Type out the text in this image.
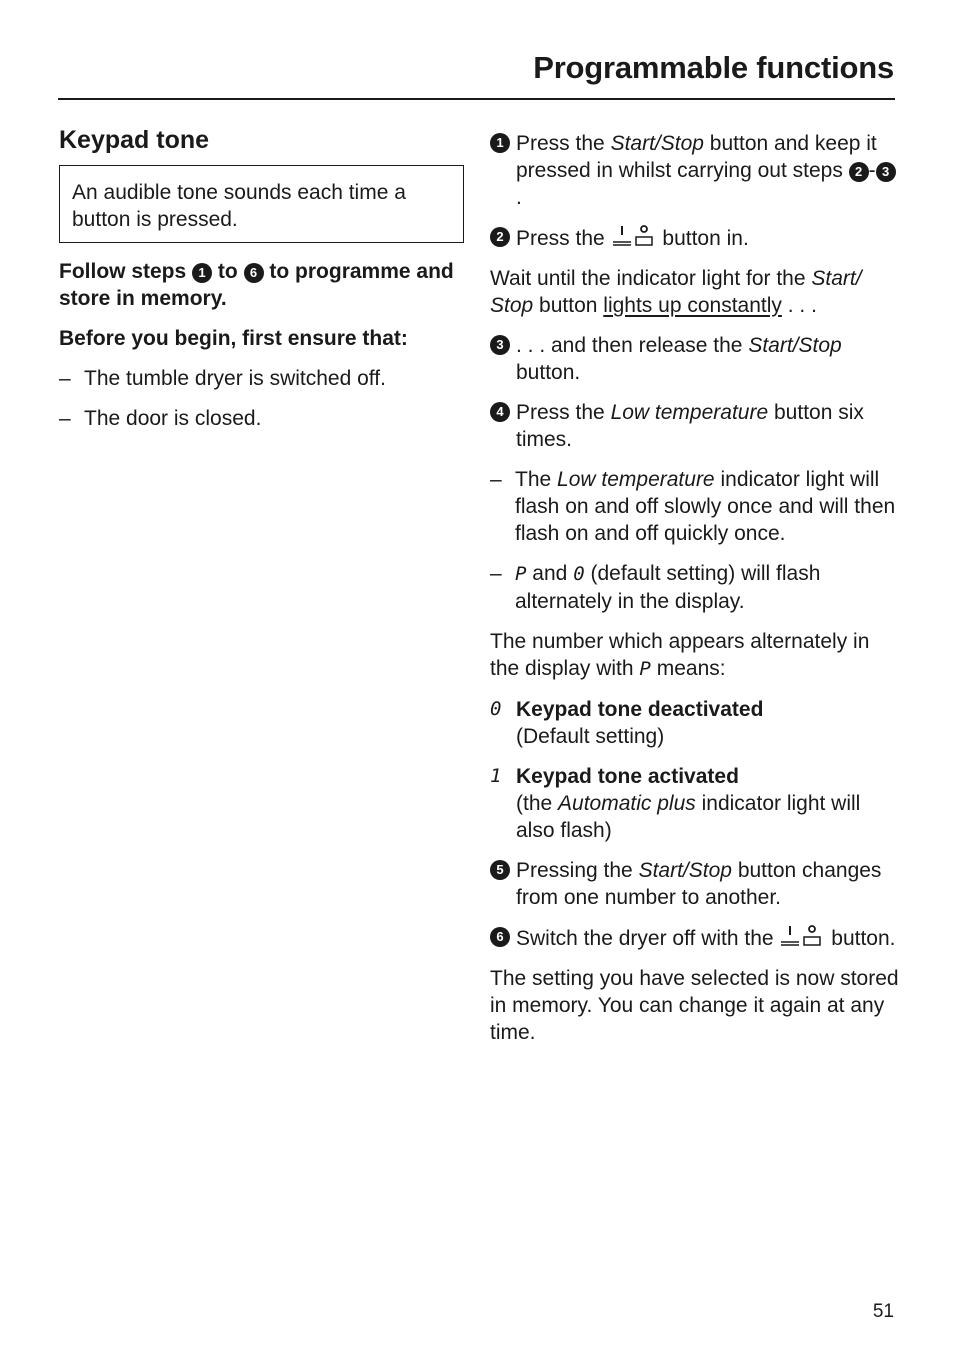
Programmable functions
Keypad tone
An audible tone sounds each time a button is pressed.

Follow steps 1 to 6 to programme and store in memory.

Before you begin, first ensure that:

– The tumble dryer is switched off.
– The door is closed.
1 Press the Start/Stop button and keep it pressed in whilst carrying out steps 2 - 3.
2 Press the	button in.

Wait until the indicator light for the Start/ Stop button lights up constantly . . .

3 . . . and then release the Start/Stop button.
4 Press the Low temperature button six times.
– The Low temperature indicator light will flash on and off slowly once and will then flash on and off quickly once.
– P and 0 (default setting) will flash alternately in the display.

The number which appears alternately in the display with P means:

0 Keypad tone deactivated
(Default setting)
1 Keypad tone activated
(the Automatic plus indicator light will also flash)
5 Pressing the Start/Stop button changes from one number to another.
6 Switch the dryer off with the	button.

The setting you have selected is now stored in memory. You can change it again at any time.

51
